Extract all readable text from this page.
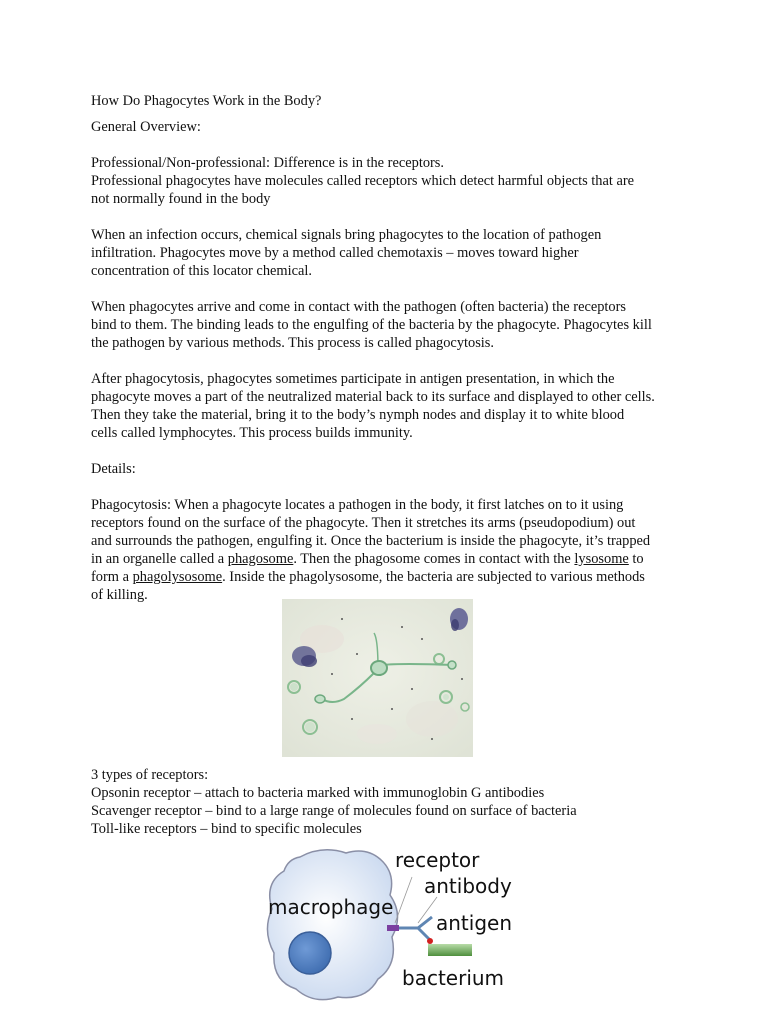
How Do Phagocytes Work in the Body?

General Overview:

Professional/Non-professional: Difference is in the receptors.

Professional phagocytes have molecules called receptors which detect harmful objects that are

not normally found in the body

When an infection occurs, chemical signals bring phagocytes to the location of pathogen

infiltration. Phagocytes move by a method called chemotaxis – moves toward higher

concentration of this locator chemical.

When phagocytes arrive and come in contact with the pathogen (often bacteria) the receptors

bind to them. The binding leads to the engulfing of the bacteria by the phagocyte. Phagocytes kill

the pathogen by various methods. This process is called phagocytosis.

After phagocytosis, phagocytes sometimes participate in antigen presentation, in which the

phagocyte moves a part of the neutralized material back to its surface and displayed to other cells.

Then they take the material, bring it to the body’s nymph nodes and display it to white blood

cells called lymphocytes. This process builds immunity.

Details:

Phagocytosis: When a phagocyte locates a pathogen in the body, it first latches on to it using

receptors found on the surface of the phagocyte. Then it stretches its arms (pseudopodium) out

and surrounds the pathogen, engulfing it. Once the bacterium is inside the phagocyte, it’s trapped

in an organelle called a phagosome. Then the phagosome comes in contact with the lysosome to

form a phagolysosome. Inside the phagolysosome, the bacteria are subjected to various methods

of killing.

3 types of receptors:

Opsonin receptor – attach to bacteria marked with immunoglobin G antibodies

Scavenger receptor – bind to a large range of molecules found on surface of bacteria

Toll-like receptors – bind to specific molecules

macrophage
receptor
antibody
antigen
bacterium
